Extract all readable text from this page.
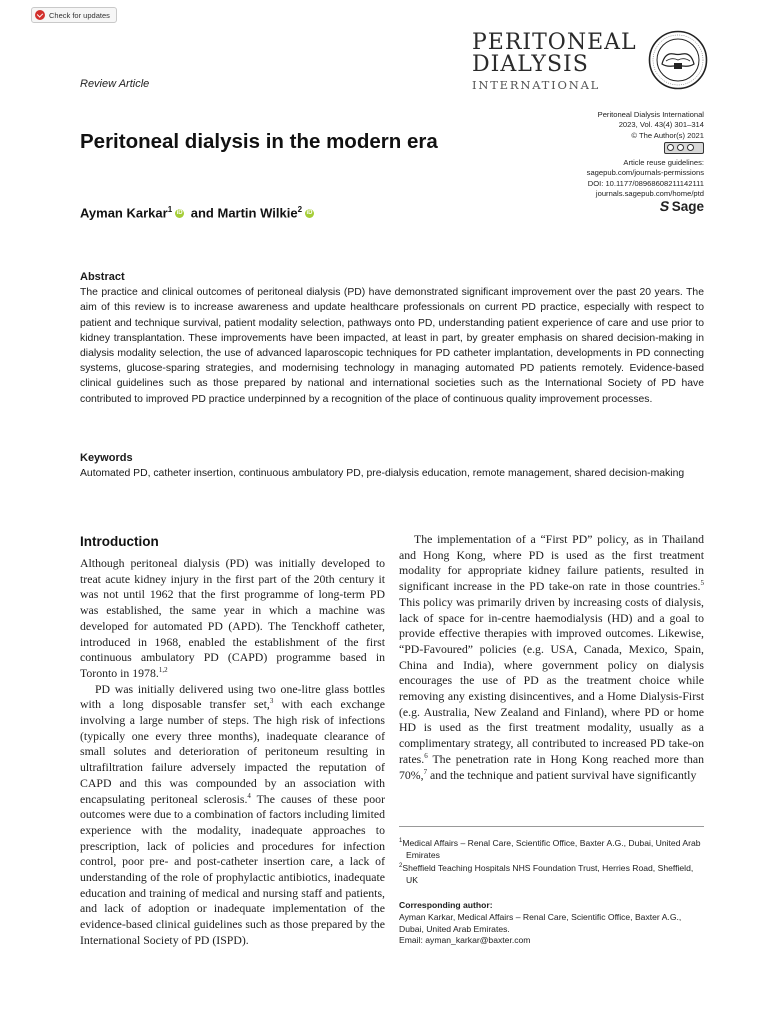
Check for updates
PERITONEAL
DIALYSIS
INTERNATIONAL
Review Article
Peritoneal dialysis in the modern era
Peritoneal Dialysis International
2023, Vol. 43(4) 301–314
© The Author(s) 2021
Article reuse guidelines:
sagepub.com/journals-permissions
DOI: 10.1177/08968608211142111
journals.sagepub.com/home/ptd
SSage
Ayman Karkar$^1$ iD and Martin Wilkie$^2$ iD
Abstract

The practice and clinical outcomes of peritoneal dialysis (PD) have demonstrated significant improvement over the past 20 years. The aim of this review is to increase awareness and update healthcare professionals on current PD practice, especially with respect to patient and technique survival, patient modality selection, pathways onto PD, understanding patient experience of care and use prior to kidney transplantation. These improvements have been impacted, at least in part, by greater emphasis on shared decision-making in dialysis modality selection, the use of advanced laparoscopic techniques for PD catheter implantation, developments in PD connecting systems, glucose-sparing strategies, and modernising technology in managing automated PD patients remotely. Evidence-based clinical guidelines such as those prepared by national and international societies such as the International Society of PD have contributed to improved PD practice underpinned by a recognition of the place of continuous quality improvement processes.

Keywords

Automated PD, catheter insertion, continuous ambulatory PD, pre-dialysis education, remote management, shared decision-making

Introduction

Although peritoneal dialysis (PD) was initially developed to treat acute kidney injury in the first part of the 20th century it was not until 1962 that the first programme of long-term PD was established, the same year in which a machine was developed for automated PD (APD). The Tenckhoff catheter, introduced in 1968, enabled the establishment of the first continuous ambulatory PD (CAPD) programme based in Toronto in 1978.$^{1,2}$

PD was initially delivered using two one-litre glass bottles with a long disposable transfer set,$^3$ with each exchange involving a large number of steps. The high risk of infections (typically one every three months), inadequate clearance of small solutes and deterioration of peritoneum resulting in ultrafiltration failure adversely impacted the reputation of CAPD and this was compounded by an association with encapsulating peritoneal sclerosis.$^4$ The causes of these poor outcomes were due to a combination of factors including limited experience with the modality, inadequate approaches to prescription, lack of policies and procedures for infection control, poor pre- and post-catheter insertion care, a lack of understanding of the role of prophylactic antibiotics, inadequate education and training of medical and nursing staff and patients, and lack of adoption or inadequate implementation of the evidence-based clinical guidelines such as those prepared by the International Society of PD (ISPD).

The implementation of a “First PD” policy, as in Thailand and Hong Kong, where PD is used as the first treatment modality for appropriate kidney failure patients, resulted in significant increase in the PD take-on rate in those countries.$^5$ This policy was primarily driven by increasing costs of dialysis, lack of space for in-centre haemodialysis (HD) and a goal to provide effective therapies with improved outcomes. Likewise, “PD-Favoured” policies (e.g. USA, Canada, Mexico, Spain, China and India), where government policy on dialysis encourages the use of PD as the treatment choice while removing any existing disincentives, and a Home Dialysis-First (e.g. Australia, New Zealand and Finland), where PD or home HD is used as the first treatment modality, usually as a complimentary strategy, all contributed to increased PD take-on rates.$^6$ The penetration rate in Hong Kong reached more than 70%,$^7$ and the technique and patient survival have significantly

$^1$Medical Affairs – Renal Care, Scientific Office, Baxter A.G., Dubai, United Arab Emirates
$^2$Sheffield Teaching Hospitals NHS Foundation Trust, Herries Road, Sheffield, UK
Corresponding author:
Ayman Karkar, Medical Affairs – Renal Care, Scientific Office, Baxter A.G., Dubai, United Arab Emirates.
Email: ayman_karkar@baxter.com
